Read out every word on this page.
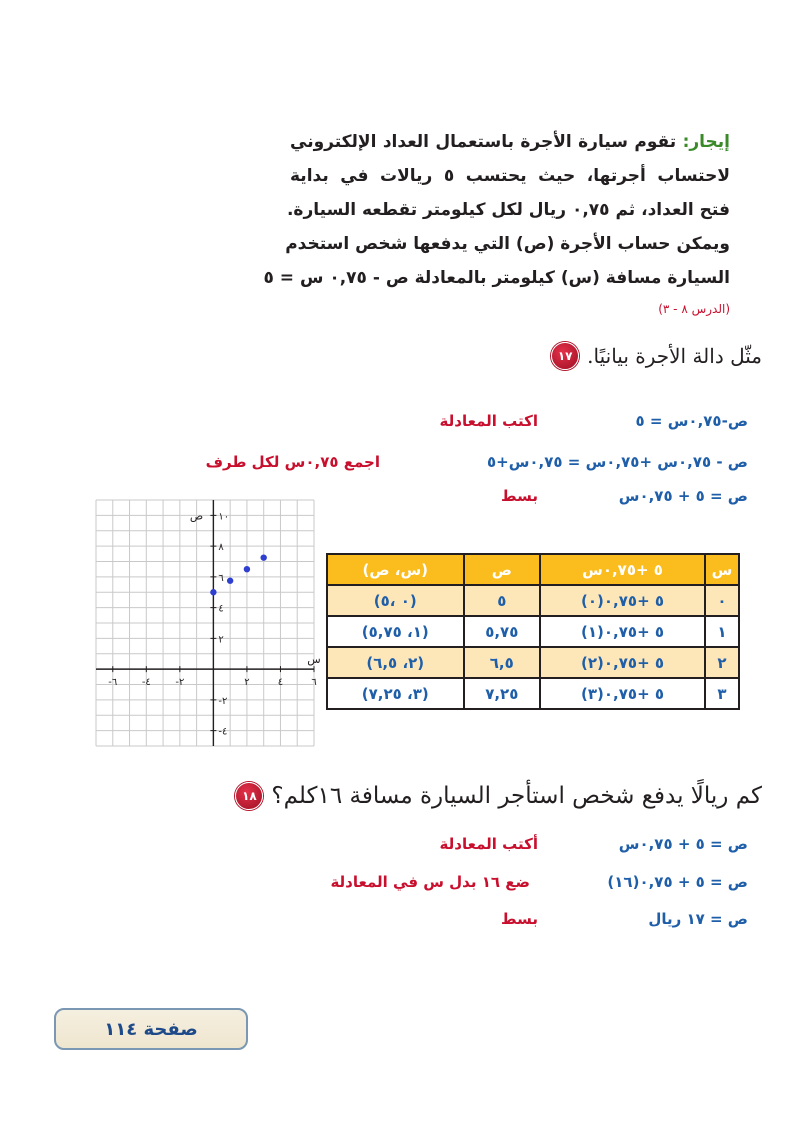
إيجار: تقوم سيارة الأجرة باستعمال العداد الإلكتروني
لاحتساب أجرتها، حيث يحتسب ٥ ريالات في بداية
فتح العداد، ثم ٠,٧٥ ريال لكل كيلومتر تقطعه السيارة.
ويمكن حساب الأجرة (ص) التي يدفعها شخص استخدم
السيارة مسافة (س) كيلومتر بالمعادلة ص - ٠,٧٥ س = ٥
(الدرس ٨ - ٣)
١٧ مثّل دالة الأجرة بيانيًا.
ص-٠,٧٥س = ٥
اكتب المعادلة
ص - ٠,٧٥س +٠,٧٥س = ٠,٧٥س+٥
اجمع ٠,٧٥س لكل طرف
ص = ٥ + ٠,٧٥س
بسط
-٦ -٤ -٢	٢	٤	٦
١٠
٨
٦
٤
٢
-٢
-٤
س
ص
س	٥ +٠,٧٥س	ص	(س، ص)
٠	٥ +٠,٧٥(٠)	٥	(٠ ،٥)
١	٥ +٠,٧٥(١)	٥,٧٥	(١، ٥,٧٥)
٢	٥ +٠,٧٥(٢)	٦,٥	(٢، ٦,٥)
٣	٥ +٠,٧٥(٣)	٧,٢٥	(٣، ٧,٢٥)
١٨ كم ريالًا يدفع شخص استأجر السيارة مسافة ١٦كلم؟
ص = ٥ + ٠,٧٥س
أكتب المعادلة
ص = ٥ + ٠,٧٥(١٦)
ضع ١٦ بدل س في المعادلة
ص = ١٧ ريال
بسط
صفحة ١١٤
